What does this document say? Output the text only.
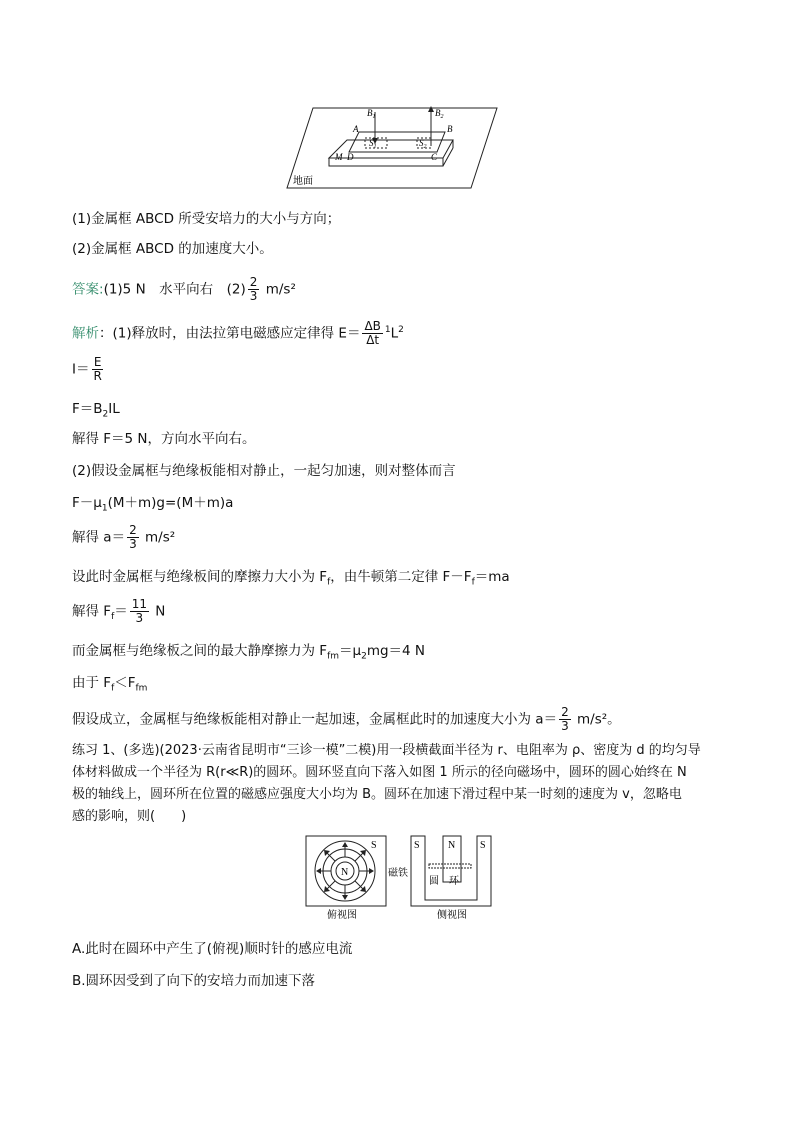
$B_1$	$B_2$
A	B
$S_1$	$S_2$
M D	C
地面
(1)金属框 ABCD 所受安培力的大小与方向；
(2)金属框 ABCD 的加速度大小。
答案:(1)5 N　水平向右　$(2) \frac{2}{3} m/s^2$
解析：(1)释放时，由法拉第电磁感应定律得 $E= \frac{\Delta B}{\Delta t} ^1L^2$
$I= \frac{E}{R}$
$F=B_2IL$
解得 F＝5 N，方向水平向右。
(2)假设金属框与绝缘板能相对静止，一起匀加速，则对整体而言
$F-\mu_1(M+m)g=(M+m)a$
解得 $a= \frac{2}{3} m/s^2$
设此时金属框与绝缘板间的摩擦力大小为 $F_f$，由牛顿第二定律 $F-F_f=ma$
解得 $F_f= \frac{11}{3}$ N
而金属框与绝缘板之间的最大静摩擦力为 $F_{fm}=\mu_2mg=4$ N
由于 $F_f<F_{fm}$
假设成立，金属框与绝缘板能相对静止一起加速，金属框此时的加速度大小为 $a= \frac{2}{3} m/s^2$。
练习 1、(多选)(2023·云南省昆明市“三诊一模”二模)用一段横截面半径为 r、电阻率为 ρ、密度为 d 的均匀导
体材料做成一个半径为 R(r≪R)的圆环。圆环竖直向下落入如图 1 所示的径向磁场中，圆环的圆心始终在 N
极的轴线上，圆环所在位置的磁感应强度大小均为 B。圆环在加速下滑过程中某一时刻的速度为 v，忽略电
感的影响，则(　　)
S
N
俯视图
磁铁
S	N S
圆　环
侧视图
A.此时在圆环中产生了(俯视)顺时针的感应电流
B.圆环因受到了向下的安培力而加速下落
